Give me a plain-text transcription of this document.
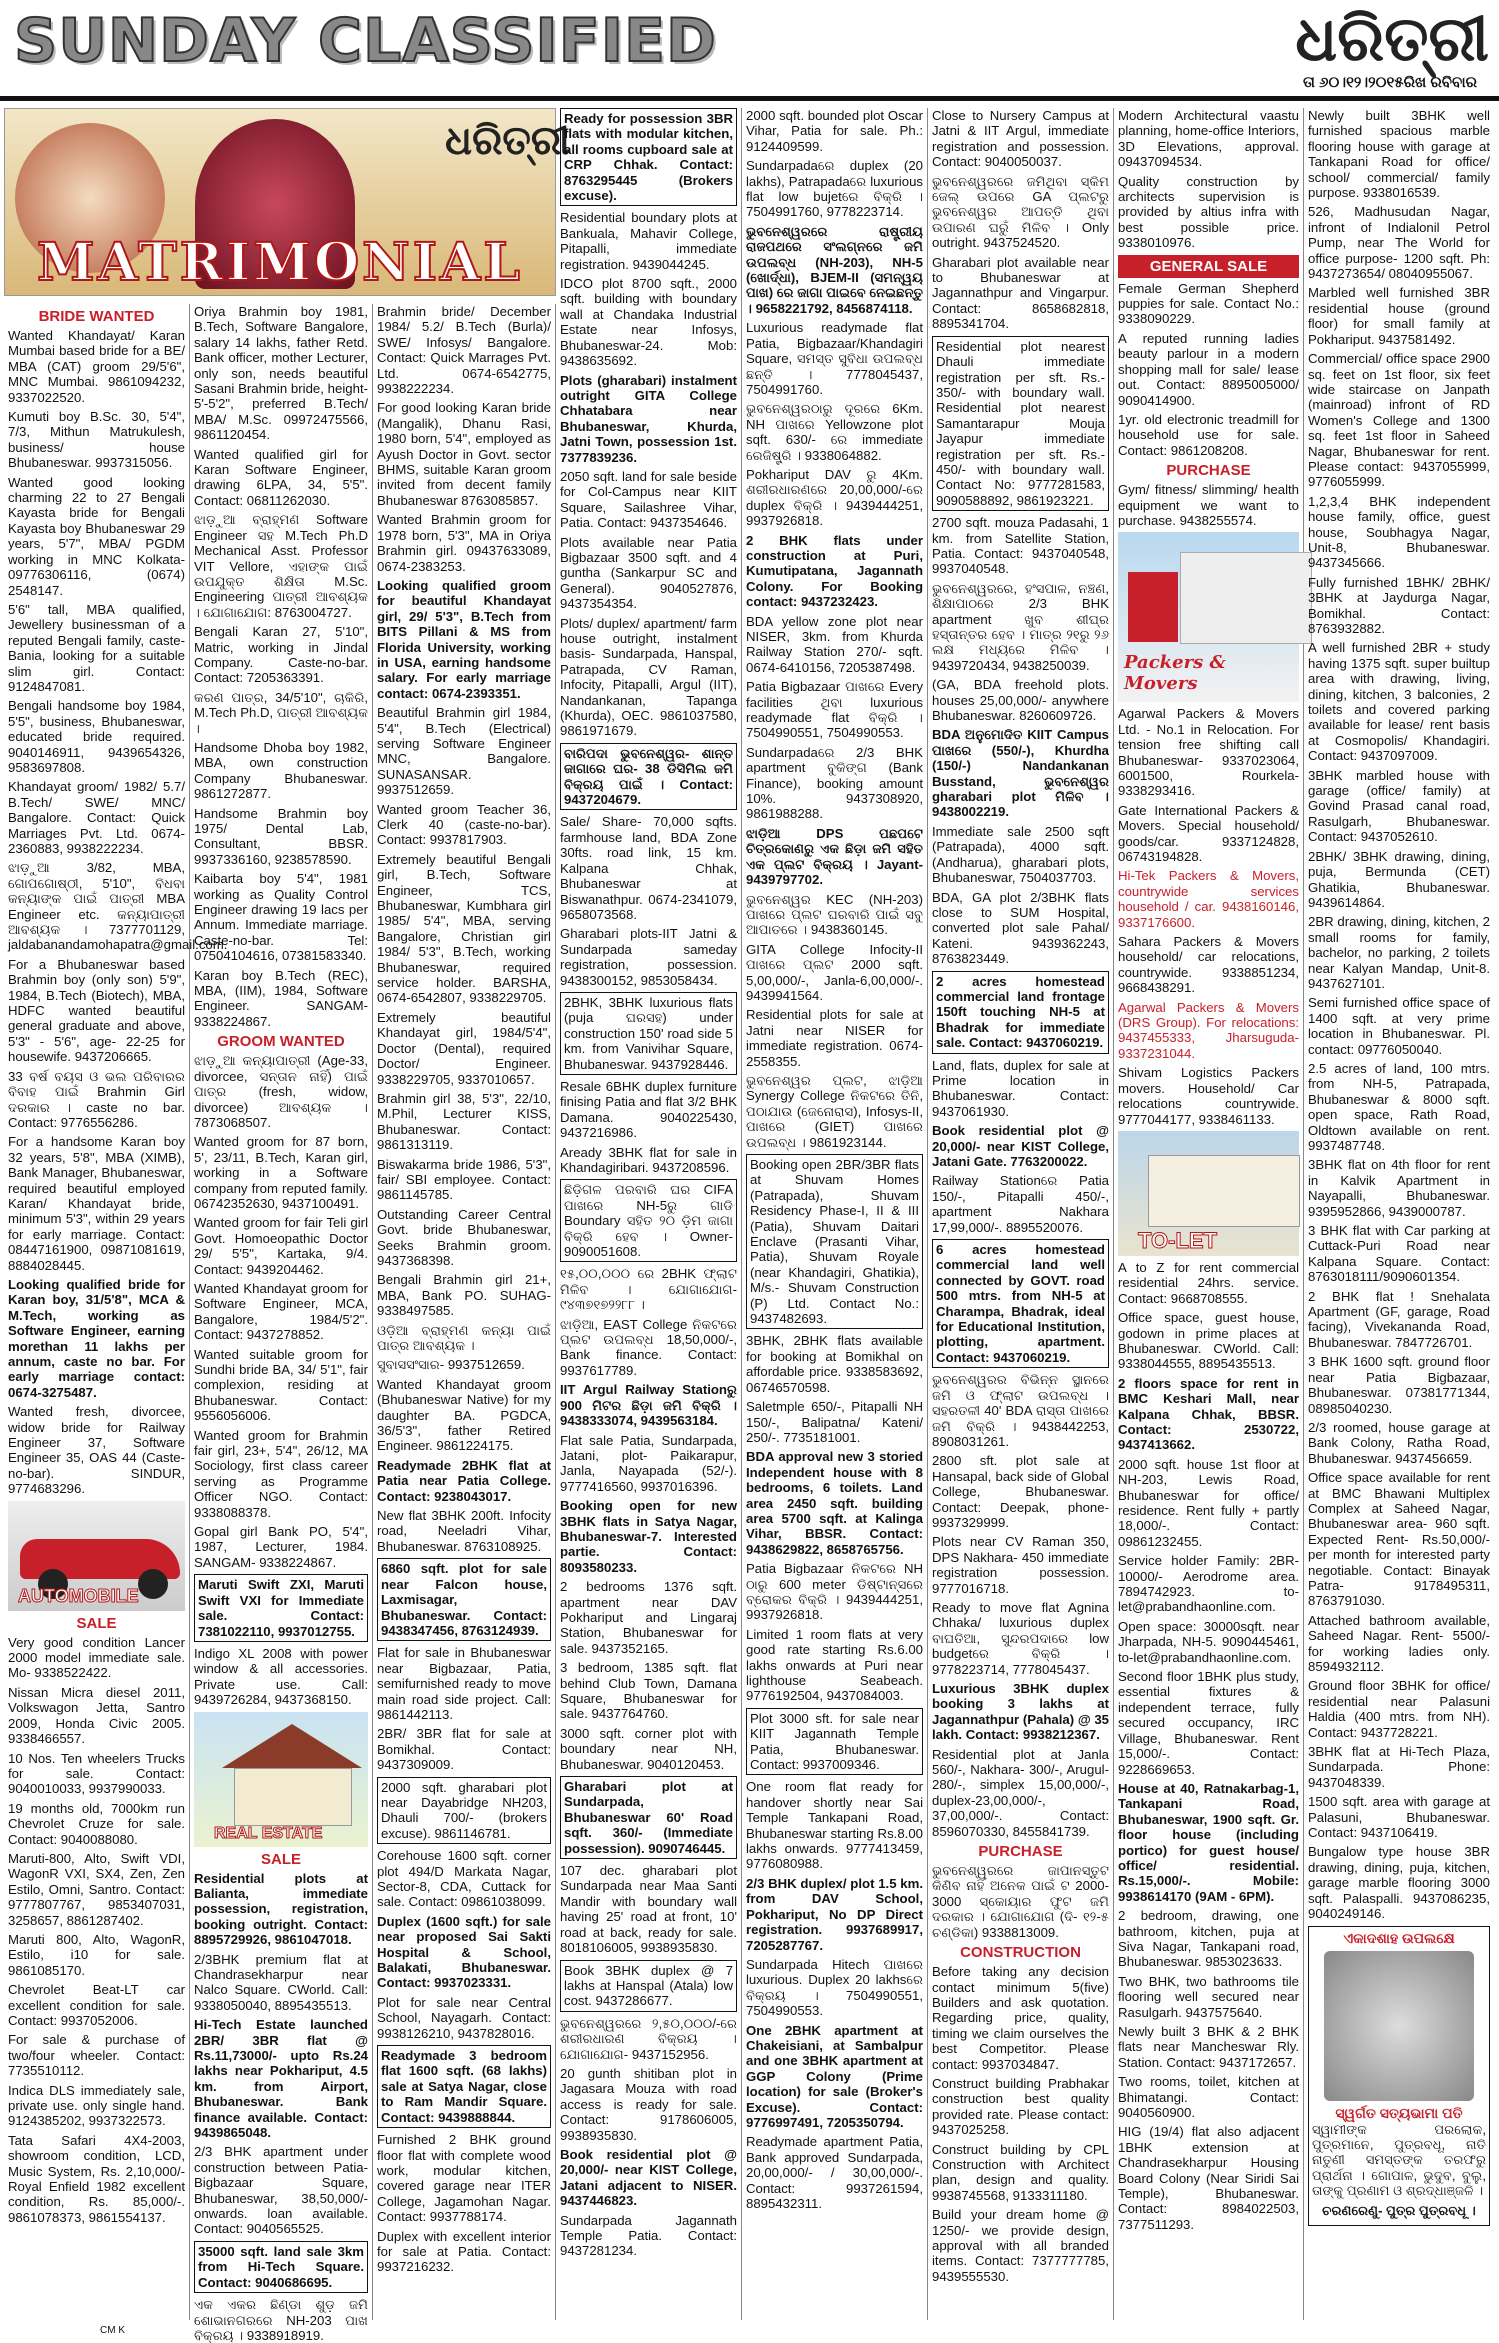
SUNDAY CLASSIFIED	ଧରିତ୍ରୀ
ତା ୬୦।୧୨।୨୦୧୫ରିଖ ରବିବାର
ଧରିତ୍ରୀ
MATRIMONIAL
BRIDE WANTED
Wanted Khandayat/ Karan Mumbai based bride for a BE/ MBA (CAT) groom 29/5'6", MNC Mumbai. 9861094232, 9337022520.
Kumuti boy B.Sc. 30, 5'4", 7/3, Mithun Matrukulesh, business/ house Bhubaneswar. 9937315056.
Wanted good looking charming 22 to 27 Bengali Kayasta bride for Bengali Kayasta boy Bhubaneswar 29 years, 5'7", MBA/ PGDM working in MNC Kolkata- 09776306116, (0674) 2548147.
5'6" tall, MBA qualified, Jewellery businessman of a reputed Bengali family, caste-Bania, looking for a suitable slim girl. Contact: 9124847081.
Bengali handsome boy 1984, 5'5", business, Bhubaneswar, educated bride required. 9040146911, 9439654326, 9583697808.
Khandayat groom/ 1982/ 5.7/ B.Tech/ SWE/ MNC/ Bangalore. Contact: Quick Marriages Pvt. Ltd. 0674-2360883, 9938222234.
ଝାଡ଼ୁଆ 3/82, MBA, ଗୋପଗୋଷ୍ଠୀ, 5'10", ବିଧବା କନ୍ୟାଙ୍କ ପାଇଁ ପାତ୍ରୀ MBA Engineer etc. କନ୍ୟାପାତ୍ରୀ ଆବଶ୍ୟକ । 7377701129, jaldabanandamohapatra@gmail.com.
For a Bhubaneswar based Brahmin boy (only son) 5'9", 1984, B.Tech (Biotech), MBA, HDFC wanted beautiful general graduate and above, 5'3" - 5'6", age- 22-25 for housewife. 9437206665.
33 ବର୍ଷ ବୟସ ଓ ଭଲ ପରିବାରର ବିବାହ ପାଇଁ Brahmin Girl ଦରକାର । caste no bar. Contact: 9776556286.
For a handsome Karan boy 32 years, 5'8", MBA (XIMB), Bank Manager, Bhubaneswar, required beautiful employed Karan/ Khandayat bride, minimum 5'3", within 29 years for early marriage. Contact: 08447161900, 09871081619, 8884028445.
Looking qualified bride for Karan boy, 31/5'8", MCA & M.Tech, working as Software Engineer, earning morethan 11 lakhs per annum, caste no bar. For early marriage contact: 0674-3275487.
Wanted fresh, divorcee, widow bride for Railway Engineer 37, Software Engineer 35, OAS 44 (Caste-no-bar). SINDUR, 9774683296.
AUTOMOBILE
SALE
Very good condition Lancer 2000 model immediate sale. Mo- 9338522422.
Nissan Micra diesel 2011, Volkswagon Jetta, Santro 2009, Honda Civic 2005. 9338466557.
10 Nos. Ten wheelers Trucks for sale. Contact: 9040010033, 9937990033.
19 months old, 7000km run Chevrolet Cruze for sale. Contact: 9040088080.
Maruti-800, Alto, Swift VDI, WagonR VXI, SX4, Zen, Zen Estilo, Omni, Santro. Contact: 9777807767, 9853407031, 3258657, 8861287402.
Maruti 800, Alto, WagonR, Estilo, i10 for sale. 9861085170.
Chevrolet Beat-LT car excellent condition for sale. Contact: 9937052006.
For sale & purchase of two/four wheeler. Contact: 7735510112.
Indica DLS immediately sale, private use. only single hand. 9124385202, 9937322573.
Tata Safari 4X4-2003, showroom condition, LCD, Music System, Rs. 2,10,000/- Royal Enfield 1982 excellent condition, Rs. 85,000/-. 9861078373, 9861554137.
Oriya Brahmin boy 1981, B.Tech, Software Bangalore, salary 14 lakhs, father Retd. Bank officer, mother Lecturer, only son, needs beautiful Sasani Brahmin bride, height- 5'-5'2", preferred B.Tech/ MBA/ M.Sc. 09972475566, 9861120454.
Wanted qualified girl for Karan Software Engineer, drawing 6LPA, 34, 5'5". Contact: 06811262030.
ଝାଡ଼ୁଆ ବ୍ରାହ୍ମଣ Software Engineer ସହ M.Tech Ph.D Mechanical Asst. Professor VIT Vellore, ଏହାଙ୍କ ପାଇଁ ଉପଯୁକ୍ତ ଶିକ୍ଷିତା M.Sc. Engineering ପାତ୍ରୀ ଆବଶ୍ୟକ । ଯୋଗାଯୋଗ: 8763004727.
Bengali Karan 27, 5'10", Matric, working in Jindal Company. Caste-no-bar. Contact: 7205363391.
କରଣ ପାତ୍ର, 34/5'10", ଚାକିରି, M.Tech Ph.D, ପାତ୍ରୀ ଆବଶ୍ୟକ ।
Handsome Dhoba boy 1982, MBA, own construction Company Bhubaneswar. 9861272877.
Handsome Brahmin boy 1975/ Dental Lab, Consultant, BBSR. 9937336160, 9238578590.
Kaibarta boy 5'4", 1981 working as Quality Control Engineer drawing 19 lacs per Annum. Immediate marriage. Caste-no-bar. Tel: 07504104616, 07381583340.
Karan boy B.Tech (REC), MBA, (IIM), 1984, Software Engineer. SANGAM- 9338224867.
GROOM WANTED
ଝାଡ଼ୁଆ କନ୍ୟାପାତ୍ରୀ (Age-33, divorcee, ସନ୍ତାନ ନାହିଁ) ପାଇଁ ପାତ୍ର (fresh, widow, divorcee) ଆବଶ୍ୟକ । 7873068507.
Wanted groom for 87 born, 5', 23/11, B.Tech, Karan girl, working in a Software company from reputed family. 06742352630, 9437100491.
Wanted groom for fair Teli girl Govt. Homoeopathic Doctor 29/ 5'5", Kartaka, 9/4. Contact: 9439204462.
Wanted Khandayat groom for Software Engineer, MCA, Bangalore, 1984/5'2". Contact: 9437278852.
Wanted suitable groom for Sundhi bride BA, 34/ 5'1", fair complexion, residing at Bhubaneswar. Contact: 9556056006.
Wanted groom for Brahmin fair girl, 23+, 5'4", 26/12, MA Sociology, first class career serving as Programme Officer NGO. Contact: 9338088378.
Gopal girl Bank PO, 5'4", 1987, Lecturer, 1984. SANGAM- 9338224867.
Maruti Swift ZXI, Maruti Swift VXI for Immediate sale. Contact: 7381022110, 9937012755.
Indigo XL 2008 with power window & all accessories. Private use. Call: 9439726284, 9437368150.
REAL ESTATE
SALE
Residential plots at Balianta, immediate possession, registration, booking outright. Contact: 8895729926, 9861047018.
2/3BHK premium flat at Chandrasekharpur near Nalco Square. CWorld. Call: 9338050040, 8895435513.
Hi-Tech Estate launched 2BR/ 3BR flat @ Rs.11,73000/- upto Rs.24 lakhs near Pokhariput, 4.5 km. from Airport, Bhubaneswar. Bank finance available. Contact: 9439865048.
2/3 BHK apartment under construction between Patia-Bigbazaar Square, Bhubaneswar, 38,50,000/- onwards. loan available. Contact: 9040565525.
35000 sqft. land sale 3km from Hi-Tech Square. Contact: 9040686695.
ଏକ ଏକର ଛିଣ୍ଡା ଶୁଡ଼ ଜମି ଶୋଭାନଗରରେ NH-203 ପାଖ ବିକ୍ରୟ । 9338918919.
Brahmin bride/ December 1984/ 5.2/ B.Tech (Burla)/ SWE/ Infosys/ Bangalore. Contact: Quick Marrages Pvt. Ltd. 0674-6542775, 9938222234.
For good looking Karan bride (Mangalik), Dhanu Rasi, 1980 born, 5'4", employed as Ayush Doctor in Govt. sector BHMS, suitable Karan groom invited from decent family Bhubaneswar 8763085857.
Wanted Brahmin groom for 1978 born, 5'3", MA in Oriya Brahmin girl. 09437633089, 0674-2383253.
Looking qualified groom for beautiful Khandayat girl, 29/ 5'3", B.Tech from BITS Pillani & MS from Florida University, working in USA, earning handsome salary. For early marriage contact: 0674-2393351.
Beautiful Brahmin girl 1984, 5'4", B.Tech (Electrical) serving Software Engineer MNC, Bangalore. SUNASANSAR. 9937512659.
Wanted groom Teacher 36, Clerk 40 (caste-no-bar). Contact: 9937817903.
Extremely beautiful Bengali girl, B.Tech, Software Engineer, TCS, Bhubaneswar, Kumbhara girl 1985/ 5'4", MBA, serving Bangalore, Christian girl 1984/ 5'3", B.Tech, working Bhubaneswar, required service holder. BARSHA, 0674-6542807, 9338229705.
Extremely beautiful Khandayat girl, 1984/5'4", Doctor (Dental), required Doctor/ Engineer. 9338229705, 9337010657.
Brahmin girl 38, 5'3", 22/10, M.Phil, Lecturer KISS, Bhubaneswar. Contact: 9861313119.
Biswakarma bride 1986, 5'3", fair/ SBI employee. Contact: 9861145785.
Outstanding Career Central Govt. bride Bhubaneswar, Seeks Brahmin groom. 9437368398.
Bengali Brahmin girl 21+, MBA, Bank PO. SUHAG- 9338497585.
ଓଡ଼ିଆ ବ୍ରାହ୍ମଣ କନ୍ୟା ପାଇଁ ପାତ୍ର ଆବଶ୍ୟକ ।
ସୁବାସସଂସାର- 9937512659.
Wanted Khandayat groom (Bhubaneswar Native) for my daughter BA. PGDCA, 36/5'3", father Retired Engineer. 9861224175.
Readymade 2BHK flat at Patia near Patia College. Contact: 9238043017.
New flat 3BHK 200ft. Infocity road, Neeladri Vihar, Bhubaneswar. 8763108925.
6860 sqft. plot for sale near Falcon house, Laxmisagar, Bhubaneswar. Contact: 9438347456, 8763124939.
Flat for sale in Bhubaneswar near Bigbazaar, Patia, semifurnished ready to move main road side project. Call: 9861442113.
2BR/ 3BR flat for sale at Bomikhal. Contact: 9437309009.
2000 sqft. gharabari plot near Dayabridge NH203, Dhauli 700/- (brokers excuse). 9861146781.
Corehouse 1600 sqft. corner plot 494/D Markata Nagar, Sector-8, CDA, Cuttack for sale. Contact: 09861038099.
Duplex (1600 sqft.) for sale near proposed Sai Sakti Hospital & School, Balakati, Bhubaneswar. Contact: 9937023331.
Plot for sale near Central School, Nayagarh. Contact: 9938126210, 9437828016.
Readymade 3 bedroom flat 1600 sqft. (68 lakhs) sale at Satya Nagar, close to Ram Mandir Square. Contact: 9439888844.
Furnished 2 BHK ground floor flat with complete wood work, modular kitchen, covered garage near ITER College, Jagamohan Nagar. Contact: 9937788174.
Duplex with excellent interior for sale at Patia. Contact: 9937216232.
Ready for possession 3BR flats with modular kitchen, all rooms cupboard sale at CRP Chhak. Contact: 8763295445 (Brokers excuse).
Residential boundary plots at Bankuala, Mahavir College, Pitapalli, immediate registration. 9439044245.
IDCO plot 8700 sqft., 2000 sqft. building with boundary wall at Chandaka Industrial Estate near Infosys, Bhubaneswar-24. Mob: 9438635692.
Plots (gharabari) instalment outright GITA College Chhatabara near Bhubaneswar, Khurda, Jatni Town, possession 1st. 7377839236.
2050 sqft. land for sale beside for Col-Campus near KIIT Square, Sailashree Vihar, Patia. Contact: 9437354646.
Plots available near Patia Bigbazaar 3500 sqft. and 4 guntha (Sankarpur SC and General). 9040527876, 9437354354.
Plots/ duplex/ apartment/ farm house outright, instalment basis- Sundarpada, Hanspal, Patrapada, CV Raman, Infocity, Pitapalli, Argul (IIT), Nandankanan, Tapanga (Khurda), OEC. 9861037580, 9861971679.
ବାରିପଦା ଭୁବନେଶ୍ୱର- ଶାନ୍ତ ଜାଗାରେ ଘର- 38 ଡିସିମିଲ ଜମି ବିକ୍ରୟ ପାଇଁ । Contact: 9437204679.
Sale/ Share- 70,000 sqfts. farmhouse land, BDA Zone 30fts. road link, 15 km. Kalpana Chhak, Bhubaneswar at Biswanathpur. 0674-2341079, 9658073568.
Gharabari plots-IIT Jatni & Sundarpada sameday registration, possession. 9438300152, 9853058434.
2BHK, 3BHK luxurious flats (puja ଘରସହ) under construction 150' road side 5 km. from Vanivihar Square, Bhubaneswar. 9437928446.
Resale 6BHK duplex furniture finising Patia and flat 3/2 BHK Damana. 9040225430, 9437216986.
Aready 3BHK flat for sale in Khandagiribari. 9437208596.
ଛିଡ଼ିଗଳ ପରବାରି ଘର CIFA ପାଖରେ NH-5ରୁ ଗାଡି Boundary ସହିତ ୨୦ ଡ଼ିମ ଜାଗା ବିକ୍ରି ହେବ । Owner- 9090051608.
୧୫,୦୦,୦୦୦ ରେ 2BHK ଫ୍ଲାଟ ମିଳିବ । ଯୋଗାଯୋଗ- ୯୪୩୭୧୭୨୨୮୮ ।
ଝାଡ଼ିଆ, EAST College ନିକଟରେ ପ୍ଲଟ ଉପଲବ୍ଧ 18,50,000/-, Bank finance. Contact: 9937617789.
IIT Argul Railway Stationରୁ 900 ମିଟର ଛିଡ଼ା ଜମି ବିକ୍ରି । 9438333074, 9439563184.
Flat sale Patia, Sundarpada, Jatani, plot- Paikarapur, Janla, Nayapada (52/-). 9777416560, 9937016396.
Booking open for new 3BHK flats in Satya Nagar, Bhubaneswar-7. Interested partie. Contact: 8093580233.
2 bedrooms 1376 sqft. apartment near DAV Pokhariput and Lingaraj Station, Bhubaneswar for sale. 9437352165.
3 bedroom, 1385 sqft. flat behind Club Town, Damana Square, Bhubaneswar for sale. 9437764760.
3000 sqft. corner plot with boundary near NH, Bhubaneswar. 9040120453.
Gharabari plot at Sundarpada, Bhubaneswar 60' Road sqft. 360/- (Immediate possession). 9090746445.
107 dec. gharabari plot Sundarpada near Maa Santi Mandir with boundary wall having 25' road at front, 10' road at back, ready for sale. 8018106005, 9938935830.
Book 3BHK duplex @ 7 lakhs at Hanspal (Atala) low cost. 9437286677.
ଭୁବନେଶ୍ୱରରେ ୨,୫୦,୦୦୦/-ରେ ଶରୀରଧାରଣ ବିକ୍ରୟ । ଯୋଗାଯୋଗ- 9437152956.
20 gunth shitiban plot in Jagasara Mouza with road access is ready for sale. Contact: 9178606005, 9938935830.
Book residential plot @ 20,000/- near KIST College, Jatani adjacent to NISER. 9437446823.
Sundarpada Jagannath Temple Patia. Contact: 9437281234.
2000 sqft. bounded plot Oscar Vihar, Patia for sale. Ph.: 9124409599.
Sundarpadaରେ duplex (20 lakhs), Patrapadaରେ luxurious flat low bujetରେ ବିକ୍ରି । 7504991760, 9778223714.
ଭୁବନେଶ୍ୱରରେ ରାଷ୍ଟ୍ରୀୟ ରାଜପଥରେ ସଂଲଗ୍ନରେ ଜମି ଉପଲବ୍ଧ (NH-203), NH-5 (ଖୋର୍ଦ୍ଧା), BJEM-II (ସମନ୍ୱୟ ପାଖ) ରେ ଜାଗା ପାଇବେ ନେଇଛନ୍ତୁ । 9658221792, 8456874118.
Luxurious readymade flat Patia, Bigbazaar/Khandagiri Square, ସମସ୍ତ ସୁବିଧା ଉପଲବ୍ଧ ଛନ୍ତି । 7778045437, 7504991760.
ଭୁବନେଶ୍ୱରଠାରୁ ଦୂରରେ 6Km. NH ପାଖରେ Yellowzone plot sqft. 630/- ରେ immediate ରେଜିଷ୍ଟ୍ରି । 9338064882.
Pokhariput DAV ରୁ 4Km. ଶରୀରଧାରଣରେ 20,00,000/-ରେ duplex ବିକ୍ରି । 9439444251, 9937926818.
2 BHK flats under construction at Puri, Kumutipatana, Jagannath Colony. For Booking contact: 9437232423.
BDA yellow zone plot near NISER, 3km. from Khurda Railway Station 270/- sqft. 0674-6410156, 7205387498.
Patia Bigbazaar ପାଖରେ Every facilities ଥିବା luxurious readymade flat ବିକ୍ରି । 7504990551, 7504990553.
Sundarpadaରେ 2/3 BHK apartment ବୁକିଙ୍ଗ (Bank Finance), booking amount 10%. 9437308920, 9861988288.
ଝାଡ଼ିଆ DPS ପଛପଟେ ଚିତ୍ରକୋଣରୁ ଏକ ଛିଡ଼ା ଜମି ସହିତ ଏକ ପ୍ଲଟ ବିକ୍ରୟ । Jayant- 9439797702.
ଭୁବନେଶ୍ୱର KEC (NH-203) ପାଖରେ ପ୍ଲଟ ଘରବାରି ପାଇଁ ସବୁ ଆପାତରେ । 9438360145.
GITA College Infocity-II ପାଖରେ ପ୍ଲଟ 2000 sqft. 5,00,000/-, Janla-6,00,000/-. 9439941564.
Residential plots for sale at Jatni near NISER for immediate registration. 0674-2558355.
ଭୁବନେଶ୍ୱର ପ୍ଲଟ, ଝାଡ଼ିଆ Synergy College ନିକଟରେ ତିନି, ପଠାଯାଉ (ଜେନୋରାସ), Infosys-II, ପାଖରେ (GIET) ପାଖରେ ଉପଲବ୍ଧ । 9861923144.
Booking open 2BR/3BR flats at Shuvam Homes (Patrapada), Shuvam Residency Phase-I, II & III (Patia), Shuvam Daitari Enclave (Prasanti Vihar, Patia), Shuvam Royale (near Khandagiri, Ghatikia), M/s.- Shuvam Construction (P) Ltd. Contact No.: 9437482693.
3BHK, 2BHK flats available for booking at Bomikhal on affordable price. 9338583692, 06746570598.
Saletmple 650/-, Pitapalli NH 150/-, Balipatna/ Kateni/ 250/-. 7735181001.
BDA approval new 3 storied Independent house with 8 bedrooms, 6 toilets. Land area 2450 sqft. building area 5700 sqft. at Kalinga Vihar, BBSR. Contact: 9438629822, 8658765756.
Patia Bigbazaar ନିକଟରେ NH ଠାରୁ 600 meter ଡିଷ୍ଟାନ୍ସରେ ବ୍ରୋକର ବିକ୍ରି । 9439444251, 9937926818.
Limited 1 room flats at very good rate starting Rs.6.00 lakhs onwards at Puri near lighthouse Seabeach. 9776192504, 9437084003.
Plot 3000 sft. for sale near KIIT Jagannath Temple Patia, Bhubaneswar. Contact: 9937009346.
One room flat ready for handover shortly near Sai Temple Tankapani Road, Bhubaneswar starting Rs.8.00 lakhs onwards. 9777413459, 9776080988.
2/3 BHK duplex/ plot 1.5 km. from DAV School, Pokhariput, No DP Direct registration. 9937689917, 7205287767.
Sundarpada Hitech ପାଖରେ luxurious. Duplex 20 lakhsରେ ବିକ୍ରୟ । 7504990551, 7504990553.
One 2BHK apartment at Chakeisiani, at Sambalpur and one 3BHK apartment at GGP Colony (Prime location) for sale (Broker's Excuse). Contact: 9776997491, 7205350794.
Readymade apartment Patia, Bank approved Sundarpada, 20,00,000/- / 30,00,000/-. Contact: 9937261594, 8895432311.
Close to Nursery Campus at Jatni & IIT Argul, immediate registration and possession. Contact: 9040050037.
ଭୁବନେଶ୍ୱରରେ ଜମିଥିବା ସ୍କିମ ଜେଲ୍ ଉପରେ GA ପ୍ଲଟରୁ ଭୁବନେଶ୍ୱର ଆପତ୍ତି ଥିବା ଉପାରଣ ଘରୁଁ ମିଳିବ । Only outright. 9437524520.
Gharabari plot available near to Bhubaneswar at Jagannathpur and Vingarpur. Contact: 8658682818, 8895341704.
Residential plot nearest Dhauli immediate registration per sft. Rs.- 350/- with boundary wall. Residential plot nearest Samantarapur Mouja Jayapur immediate registration per sft. Rs.- 450/- with boundary wall. Contact No: 9777281583, 9090588892, 9861923221.
2700 sqft. mouza Padasahi, 1 km. from Satellite Station, Patia. Contact: 9437040548, 9937040548.
ଭୁବନେଶ୍ୱରରେ, ହଂସପାଳ, ନଞ୍ଚଣ, ଶିକ୍ଷାପାଠରେ 2/3 BHK apartment ଖୁବ ଶୀଘ୍ର ହସ୍ତାନ୍ତର ହେବ । ମାତ୍ର ୨୧ରୁ ୨୬ ଲକ୍ଷ ମଧ୍ୟରେ ମିଳିବ । 9439720434, 9438250039.
(GA, BDA freehold plots. houses 25,00,000/- anywhere Bhubaneswar. 8260609726.
BDA ଅନୁମୋଦିତ KIIT Campus ପାଖରେ (550/-), Khurdha (150/-) Nandankanan Busstand, ଭୁବନେଶ୍ୱର gharabari plot ମିଳିବ । 9438002219.
Immediate sale 2500 sqft (Patrapada), 4000 sqft. (Andharua), gharabari plots, Bhubaneswar, 7504037703.
BDA, GA plot 2/3BHK flats close to SUM Hospital, converted plot sale Pahal/ Kateni. 9439362243, 8763823449.
2 acres homestead commercial land frontage 150ft touching NH-5 at Bhadrak for immediate sale. Contact: 9437060219.
Land, flats, duplex for sale at Prime location in Bhubaneswar. Contact: 9437061930.
Book residential plot @ 20,000/- near KIST College, Jatani Gate. 7763200022.
Railway Stationରେ Patia 150/-, Pitapalli 450/-, apartment Nakhara 17,99,000/-. 8895520076.
6 acres homestead commercial land well connected by GOVT. road 500 mtrs. from NH-5 at Charampa, Bhadrak, ideal for Educational Institution, plotting, apartment. Contact: 9437060219.
ଭୁବନେଶ୍ୱରର ବିଭିନ୍ନ ସ୍ଥାନରେ ଜମି ଓ ଫ୍ଲାଟ ଉପଲବ୍ଧ । ସହରତଳୀ 40' BDA ରାସ୍ତା ପାଖରେ ଜମି ବିକ୍ରି । 9438442253, 8908031261.
2800 sft. plot sale at Hansapal, back side of Global College, Bhubaneswar. Contact: Deepak, phone- 9937329999.
Plots near CV Raman 350, DPS Nakhara- 450 immediate registration possession. 9777016718.
Ready to move flat Agnina Chhaka/ luxurious duplex ବାଘତିଆ, ସୁନ୍ଦରପଦାରେ low budgetରେ ବିକ୍ରି । 9778223714, 7778045437.
Luxurious 3BHK duplex booking 3 lakhs at Jagannathpur (Pahala) @ 35 lakh. Contact: 9938212367.
Residential plot at Janla 560/-, Nakhara- 300/-, Arugul- 280/-, simplex 15,00,000/-, duplex-23,00,000/-, 37,00,000/-. Contact: 8596070330, 8455841739.
PURCHASE
ଭୁବନେଶ୍ୱରରେ ଜାପାନସ୍ତୁଟ କିଣିବ ନାହିଁ ଅନେକ ପାଇଁ ଟ 2000- 3000 ସ୍କୋୟାର ଫୁଟ ଜମି ଦରକାର । ଯୋଗାଯୋଗ (ଦି- ୧୨-୫ ଚଣ୍ଡିକା) 9338813009.
CONSTRUCTION
Before taking any decision contact minimum 5(five) Builders and ask quotation. Regarding price, quality, timing we claim ourselves the best Competitor. Please contact: 9937034847.
Construct building Prabhakar construction best quality provided rate. Please contact: 9437025258.
Construct building by CPL Construction with Architect plan, design and quality. 9938745568, 9133311180.
Build your dream home @ 1250/- we provide design, approval with all branded items. Contact: 7377777785, 9439555530.
Modern Architectural vaastu planning, home-office Interiors, 3D Elevations, approval. 09437094534.
Quality construction by architects supervision is provided by altius infra with best possible price. 9338010976.
GENERAL SALE
Female German Shepherd puppies for sale. Contact No.: 9338090229.
A reputed running ladies beauty parlour in a modern shopping mall for sale/ lease out. Contact: 8895005000/ 9090414900.
1yr. old electronic treadmill for household use for sale. Contact: 9861208208.
PURCHASE
Gym/ fitness/ slimming/ health equipment we want to purchase. 9438255574.
Packers & Movers
Agarwal Packers & Movers Ltd. - No.1 in Relocation. For tension free shifting call Bhubaneswar- 9337023064, 6001500, Rourkela-9338293416.
Gate International Packers & Movers. Special household/ goods/car. 9337124828, 06743194828.
Hi-Tek Packers & Movers, countrywide services household / car. 9438160146, 9337176600.
Sahara Packers & Movers household/ car relocations, countrywide. 9338851234, 9668438291.
Agarwal Packers & Movers (DRS Group). For relocations: 9437455333, Jharsuguda-9337231044.
Shivam Logistics Packers movers. Household/ Car relocations countrywide. 9777044177, 9338461133.
TO-LET
A to Z for rent commercial residential 24hrs. service. Contact: 9668708555.
Office space, guest house, godown in prime places at Bhubaneswar. CWorld. Call: 9338044555, 8895435513.
2 floors space for rent in BMC Keshari Mall, near Kalpana Chhak, BBSR. Contact: 2530722, 9437413662.
2000 sqft. house 1st floor at NH-203, Lewis Road, Bhubaneswar for office/ residence. Rent fully + partly 18,000/-. Contact: 09861232455.
Service holder Family: 2BR- 10000/- Aerodrome area. 7894742923. to-let@prabandhaonline.com.
Open space: 30000sqft. near Jharpada, NH-5. 9090445461, to-let@prabandhaonline.com.
Second floor 1BHK plus study, essential fixtures & independent terrace, fully secured occupancy, IRC Village, Bhubaneswar. Rent 15,000/-. Contact: 9228669653.
House at 40, Ratnakarbag-1, Tankapani Road, Bhubaneswar, 1900 sqft. Gr. floor house (including portico) for guest house/ office/ residential. Rs.15,000/-. Mobile: 9938614170 (9AM - 6PM).
2 bedroom, drawing, one bathroom, kitchen, puja at Siva Nagar, Tankapani road, Bhubaneswar. 9853023633.
Two BHK, two bathrooms tile flooring well secured near Rasulgarh. 9437575640.
Newly built 3 BHK & 2 BHK flats near Mancheswar Rly. Station. Contact: 9437172657.
Two rooms, toilet, kitchen at Bhimatangi. Contact: 9040560900.
HIG (19/4) flat also adjacent 1BHK extension at Chandrasekharpur Housing Board Colony (Near Siridi Sai Temple), Bhubaneswar. Contact: 8984022503, 7377511293.
Newly built 3BHK well furnished spacious marble flooring house with garage at Tankapani Road for office/ school/ commercial/ family purpose. 9338016539.
526, Madhusudan Nagar, infront of Indialonil Petrol Pump, near The World for office purpose- 1200 sqft. Ph: 9437273654/ 08040955067.
Marbled well furnished 3BR residential house (ground floor) for small family at Pokhariput. 9437581492.
Commercial/ office space 2900 sq. feet on 1st floor, six feet wide staircase on Janpath (mainroad) infront of RD Women's College and 1300 sq. feet 1st floor in Saheed Nagar, Bhubaneswar for rent. Please contact: 9437055999, 9776055999.
1,2,3,4 BHK independent house family, office, guest house, Soubhagya Nagar, Unit-8, Bhubaneswar. 9437345666.
Fully furnished 1BHK/ 2BHK/ 3BHK at Jaydurga Nagar, Bomikhal. Contact: 8763932882.
A well furnished 2BR + study having 1375 sqft. super builtup area with drawing, living, dining, kitchen, 3 balconies, 2 toilets and covered parking available for lease/ rent basis at Cosmopolis/ Khandagiri. Contact: 9437097009.
3BHK marbled house with garage (office/ family) at Govind Prasad canal road, Rasulgarh, Bhubaneswar. Contact: 9437052610.
2BHK/ 3BHK drawing, dining, puja, Bermunda (CET) Ghatikia, Bhubaneswar. 9439614864.
2BR drawing, dining, kitchen, 2 small rooms for family, bachelor, no parking, 2 toilets near Kalyan Mandap, Unit-8. 9437627101.
Semi furnished office space of 1400 sqft. at very prime location in Bhubaneswar. Pl. contact: 09776050040.
2.5 acres of land, 100 mtrs. from NH-5, Patrapada, Bhubaneswar & 8000 sqft. open space, Rath Road, Oldtown available on rent. 9937487748.
3BHK flat on 4th floor for rent in Kalvik Apartment in Nayapalli, Bhubaneswar. 9395952866, 9439000787.
3 BHK flat with Car parking at Cuttack-Puri Road near Kalpana Square. Contact: 8763018111/9090601354.
2 BHK flat ! Snehalata Apartment (GF, garage, Road facing), Vivekananda Road, Bhubaneswar. 7847726701.
3 BHK 1600 sqft. ground floor near Patia Bigbazaar, Bhubaneswar. 07381771344, 08985040230.
2/3 roomed, house garage at Bank Colony, Ratha Road, Bhubaneswar. 9437456659.
Office space available for rent at BMC Bhawani Multiplex Complex at Saheed Nagar, Bhubaneswar area- 960 sqft. Expected Rent- Rs.50,000/- per month for interested party negotiable. Contact: Binayak Patra- 9178495311, 8763791030.
Attached bathroom available, Saheed Nagar. Rent- 5500/- for working ladies only. 8594932112.
Ground floor 3BHK for office/ residential near Palasuni Haldia (400 mtrs. from NH). Contact: 9437728221.
3BHK flat at Hi-Tech Plaza, Sundarpada. Phone: 9437048339.
1500 sqft. area with garage at Palasuni, Bhubaneswar. Contact: 9437106419.
Bungalow type house 3BR drawing, dining, puja, kitchen, garage marble flooring 3000 sqft. Palaspalli. 9437086235, 9040249146.
ଏକାଦଶାହ ଉପଲକ୍ଷେ
ସ୍ୱର୍ଗତ ସତ୍ୟଭାମା ପତି
ସ୍ୱାମୀଙ୍କ ପରଲୋକ, ପୁତ୍ରମାନେ, ପୁତ୍ରବଧୂ, ନାତି ନାତୁଣୀ ସମସ୍ତଙ୍କ ତରଫରୁ ପ୍ରାର୍ଥନା । ଗୋପାଳ, ଭୁଦୁବ, ବୁଲୁ, ତାଙ୍କୁ ପ୍ରଣାମ ଓ ଶ୍ରଦ୍ଧାଞ୍ଜଳି ।
ଚରଣରେଣୁ- ପୁତ୍ର ପୁତ୍ରବଧୂ ।
CM K
